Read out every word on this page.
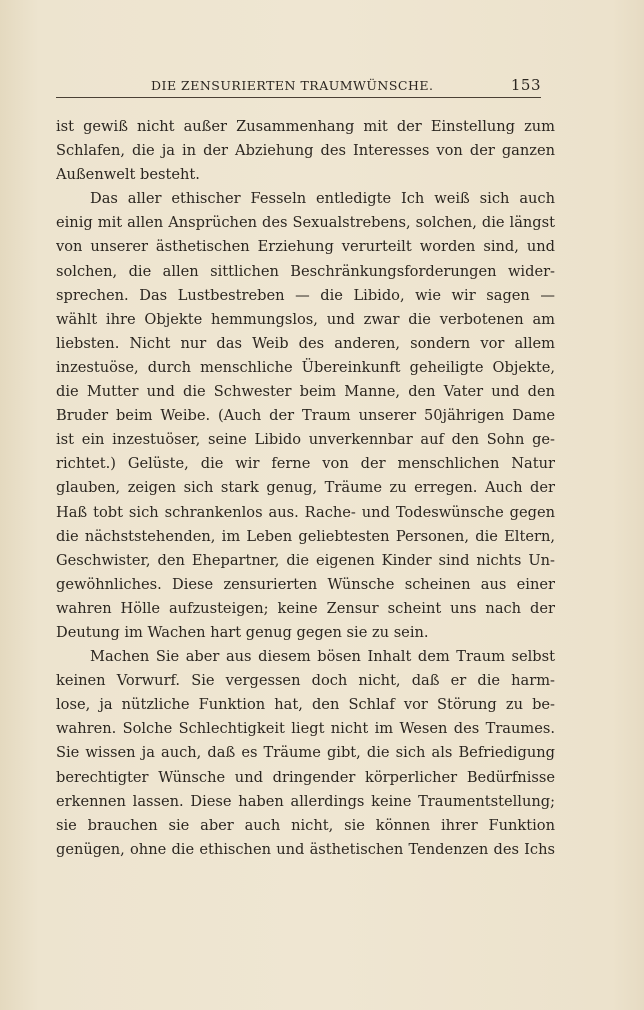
DIE ZENSURIERTEN TRAUMWÜNSCHE.	153
ist gewiß nicht außer Zusammenhang mit der Einstellung zum
Schlafen, die ja in der Abziehung des Interesses von der ganzen
Außenwelt besteht.
Das aller ethischer Fesseln entledigte Ich weiß sich auch
einig mit allen Ansprüchen des Sexualstrebens, solchen, die längst
von unserer ästhetischen Erziehung verurteilt worden sind, und
solchen, die allen sittlichen Beschränkungsforderungen wider-
sprechen. Das Lustbestreben — die Libido, wie wir sagen —
wählt ihre Objekte hemmungslos, und zwar die verbotenen am
liebsten. Nicht nur das Weib des anderen, sondern vor allem
inzestuöse, durch menschliche Übereinkunft geheiligte Objekte,
die Mutter und die Schwester beim Manne, den Vater und den
Bruder beim Weibe. (Auch der Traum unserer 50jährigen Dame
ist ein inzestuöser, seine Libido unverkennbar auf den Sohn ge-
richtet.) Gelüste, die wir ferne von der menschlichen Natur
glauben, zeigen sich stark genug, Träume zu erregen. Auch der
Haß tobt sich schrankenlos aus. Rache- und Todeswünsche gegen
die nächststehenden, im Leben geliebtesten Personen, die Eltern,
Geschwister, den Ehepartner, die eigenen Kinder sind nichts Un-
gewöhnliches. Diese zensurierten Wünsche scheinen aus einer
wahren Hölle aufzusteigen; keine Zensur scheint uns nach der
Deutung im Wachen hart genug gegen sie zu sein.
Machen Sie aber aus diesem bösen Inhalt dem Traum selbst
keinen Vorwurf. Sie vergessen doch nicht, daß er die harm-
lose, ja nützliche Funktion hat, den Schlaf vor Störung zu be-
wahren. Solche Schlechtigkeit liegt nicht im Wesen des Traumes.
Sie wissen ja auch, daß es Träume gibt, die sich als Befriedigung
berechtigter Wünsche und dringender körperlicher Bedürfnisse
erkennen lassen. Diese haben allerdings keine Traumentstellung;
sie brauchen sie aber auch nicht, sie können ihrer Funktion
genügen, ohne die ethischen und ästhetischen Tendenzen des Ichs
